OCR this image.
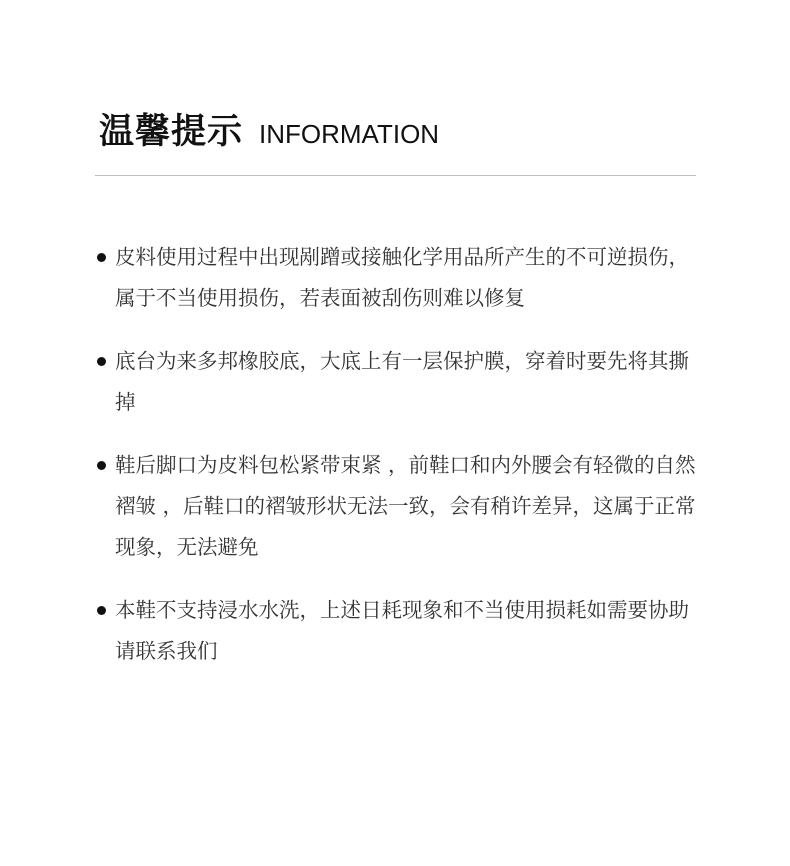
温馨提示 INFORMATION
皮料使用过程中出现剐蹭或接触化学用品所产生的不可逆损伤，属于不当使用损伤，若表面被刮伤则难以修复
底台为来多邦橡胶底，大底上有一层保护膜，穿着时要先将其撕掉
鞋后脚口为皮料包松紧带束紧 ，前鞋口和内外腰会有轻微的自然褶皱 ，后鞋口的褶皱形状无法一致，会有稍许差异，这属于正常现象，无法避免
本鞋不支持浸水水洗，上述日耗现象和不当使用损耗如需要协助请联系我们
